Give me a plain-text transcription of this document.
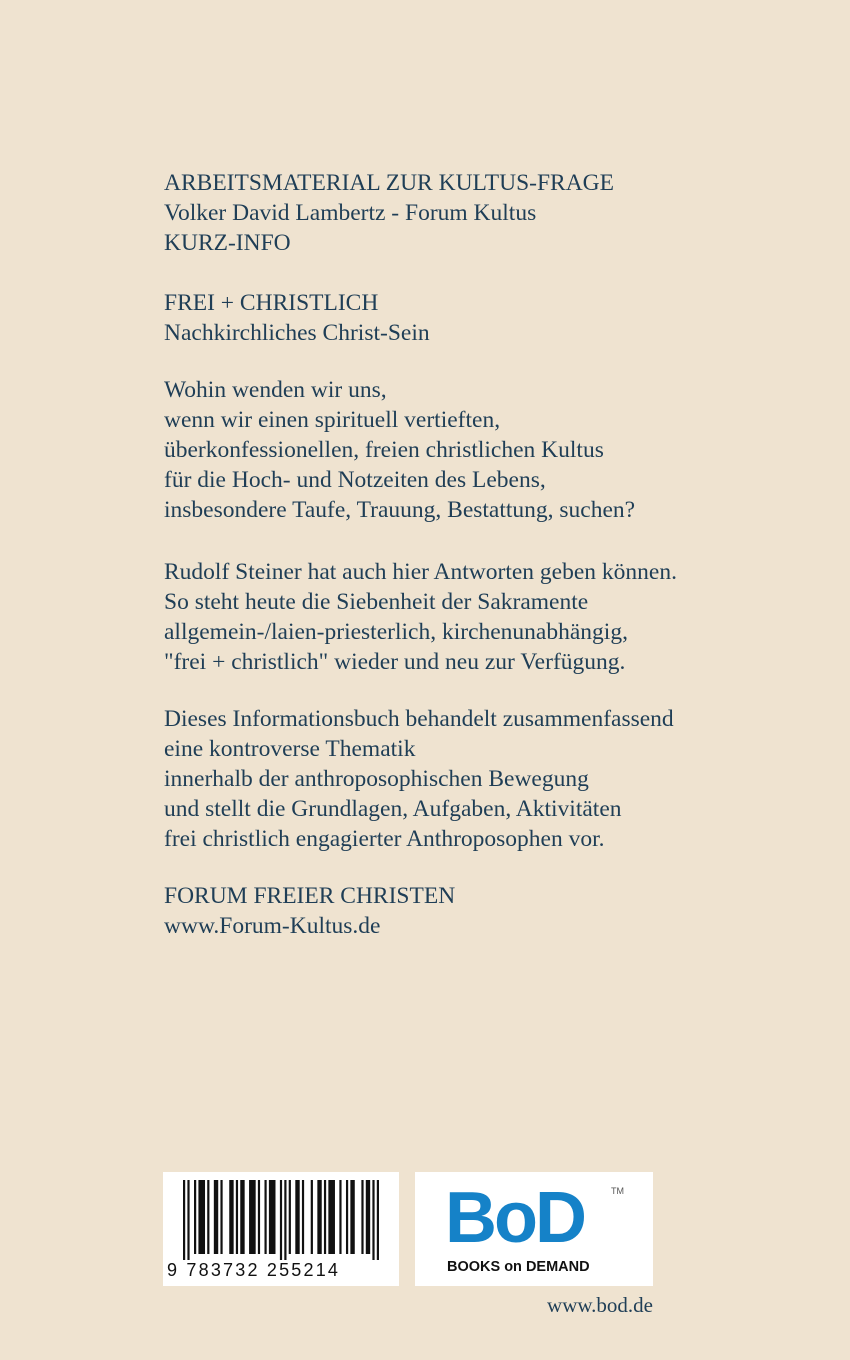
ARBEITSMATERIAL ZUR KULTUS-FRAGE
Volker David Lambertz - Forum Kultus
KURZ-INFO

FREI + CHRISTLICH
Nachkirchliches Christ-Sein

Wohin wenden wir uns,
wenn wir einen spirituell vertieften,
überkonfessionellen, freien christlichen Kultus
für die Hoch- und Notzeiten des Lebens,
insbesondere Taufe, Trauung, Bestattung, suchen?

Rudolf Steiner hat auch hier Antworten geben können.
So steht heute die Siebenheit der Sakramente
allgemein-/laien-priesterlich, kirchenunabhängig,
"frei + christlich" wieder und neu zur Verfügung.

Dieses Informationsbuch behandelt zusammenfassend
eine kontroverse Thematik
innerhalb der anthroposophischen Bewegung
und stellt die Grundlagen, Aufgaben, Aktivitäten
frei christlich engagierter Anthroposophen vor.

FORUM FREIER CHRISTEN
www.Forum-Kultus.de

9 783732 255214
BoD	TM
BOOKS on DEMAND
www.bod.de
